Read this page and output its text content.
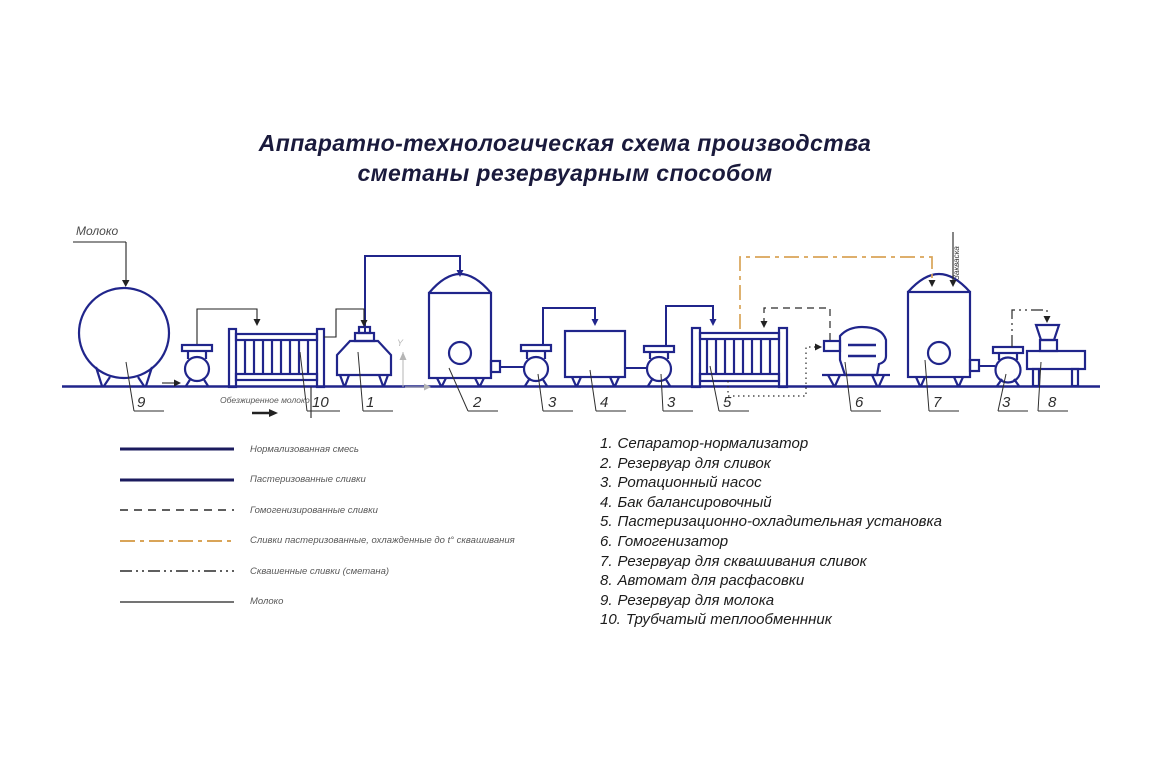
Аппаратно-технологическая схема производства
сметаны резервуарным способом
Молоко
Обезжиренное молоко
Закваска
Y
9	10 1	2	3	4	3	5	6	7	3	8
Нормализованная смесь
Пастеризованные сливки
Гомогенизированные сливки
Сливки пастеризованные, охлажденные до t° сквашивания
Сквашенные сливки (сметана)
Молоко
1. Сепаратор-нормализатор
2. Резервуар для сливок
3. Ротационный насос
4. Бак балансировочный
5. Пастеризационно-охладительная установка
6. Гомогенизатор
7. Резервуар для сквашивания сливок
8. Автомат для расфасовки
9. Резервуар для молока
10. Трубчатый теплообменнник
